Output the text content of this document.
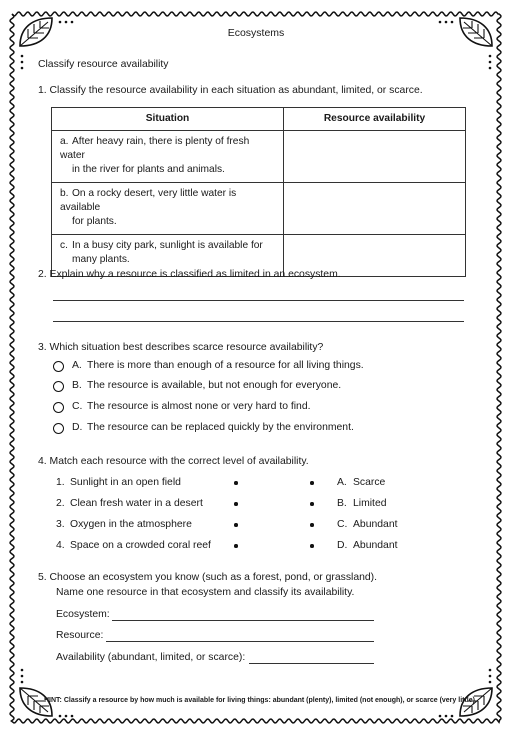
Ecosystems
Classify resource availability
1. Classify the resource availability in each situation as abundant, limited, or scarce.
Situation	Resource availability
a. After heavy rain, there is plenty of fresh water
in the river for plants and animals.	
b. On a rocky desert, very little water is available
for plants.	
c. In a busy city park, sunlight is available for
many plants.	
2. Explain why a resource is classified as limited in an ecosystem.
3. Which situation best describes scarce resource availability?
A. There is more than enough of a resource for all living things.
B. The resource is available, but not enough for everyone.
C. The resource is almost none or very hard to find.
D. The resource can be replaced quickly by the environment.
4. Match each resource with the correct level of availability.
1. Sunlight in an open field	A. Scarce
2. Clean fresh water in a desert	B. Limited
3. Oxygen in the atmosphere	C. Abundant
4. Space on a crowded coral reef	D. Abundant
5. Choose an ecosystem you know (such as a forest, pond, or grassland).
Name one resource in that ecosystem and classify its availability.
Ecosystem:
Resource:
Availability (abundant, limited, or scarce):
HINT: Classify a resource by how much is available for living things: abundant (plenty), limited (not enough), or scarce (very little).
